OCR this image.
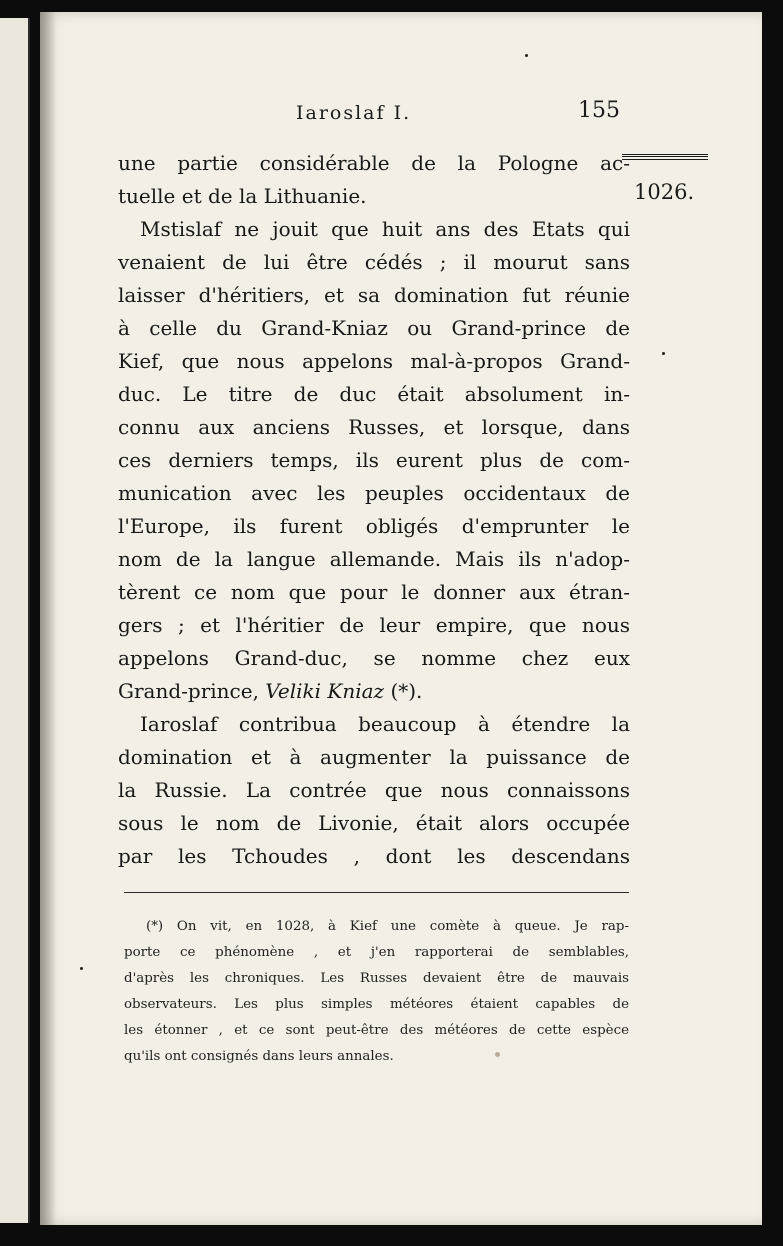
Iaroslaf I.	155
1026.
une partie considérable de la Pologne ac-
tuelle et de la Lithuanie.
Mstislaf ne jouit que huit ans des Etats qui
venaient de lui être cédés ; il mourut sans
laisser d'héritiers, et sa domination fut réunie
à celle du Grand-Kniaz ou Grand-prince de
Kief, que nous appelons mal-à-propos Grand-
duc. Le titre de duc était absolument in-
connu aux anciens Russes, et lorsque, dans
ces derniers temps, ils eurent plus de com-
munication avec les peuples occidentaux de
l'Europe, ils furent obligés d'emprunter le
nom de la langue allemande. Mais ils n'adop-
tèrent ce nom que pour le donner aux étran-
gers ; et l'héritier de leur empire, que nous
appelons Grand-duc, se nomme chez eux
Grand-prince, Veliki Kniaz (*).
Iaroslaf contribua beaucoup à étendre la
domination et à augmenter la puissance de
la Russie. La contrée que nous connaissons
sous le nom de Livonie, était alors occupée
par les Tchoudes , dont les descendans
(*) On vit, en 1028, à Kief une comète à queue. Je rap-
porte ce phénomène , et j'en rapporterai de semblables,
d'après les chroniques. Les Russes devaient être de mauvais
observateurs. Les plus simples météores étaient capables de
les étonner , et ce sont peut-être des météores de cette espèce
qu'ils ont consignés dans leurs annales.
